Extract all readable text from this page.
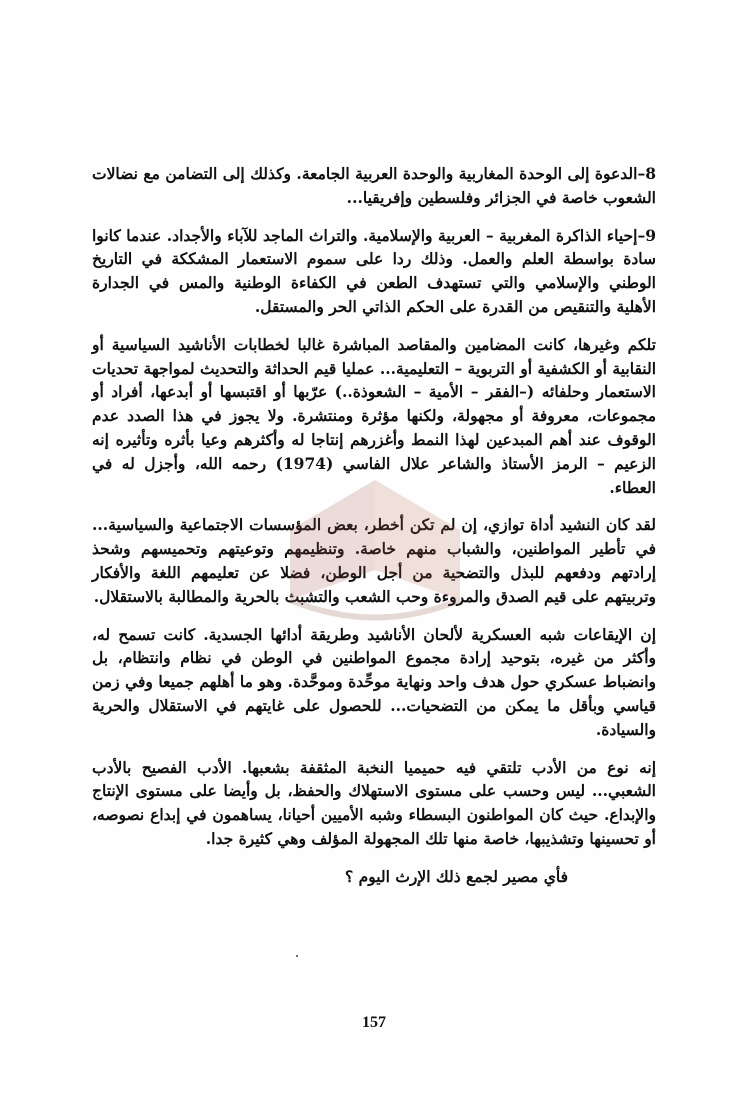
8–الدعوة إلى الوحدة المغاربية والوحدة العربية الجامعة. وكذلك إلى التضامن مع نضالات الشعوب خاصة في الجزائر وفلسطين وإفريقيا...

9–إحياء الذاكرة المغربية – العربية والإسلامية. والتراث الماجد للآباء والأجداد. عندما كانوا سادة بواسطة العلم والعمل. وذلك ردا على سموم الاستعمار المشككة في التاريخ الوطني والإسلامي والتي تستهدف الطعن في الكفاءة الوطنية والمس في الجدارة الأهلية والتنقيص من القدرة على الحكم الذاتي الحر والمستقل.

تلكم وغيرها، كانت المضامين والمقاصد المباشرة غالبا لخطابات الأناشيد السياسية أو النقابية أو الكشفية أو التربوية – التعليمية... عمليا قيم الحداثة والتحديث لمواجهة تحديات الاستعمار وحلفائه (–الفقر – الأمية – الشعوذة..) عرّبها أو اقتبسها أو أبدعها، أفراد أو مجموعات، معروفة أو مجهولة، ولكنها مؤثرة ومنتشرة. ولا يجوز في هذا الصدد عدم الوقوف عند أهم المبدعين لهذا النمط وأغزرهم إنتاجا له وأكثرهم وعيا بأثره وتأثيره إنه الزعيم – الرمز الأستاذ والشاعر علال الفاسي (1974) رحمه الله، وأجزل له في العطاء.

لقد كان النشيد أداة توازي، إن لم تكن أخطر، بعض المؤسسات الاجتماعية والسياسية... في تأطير المواطنين، والشباب منهم خاصة. وتنظيمهم وتوعيتهم وتحميسهم وشحذ إرادتهم ودفعهم للبذل والتضحية من أجل الوطن، فضلا عن تعليمهم اللغة والأفكار وتربيتهم على قيم الصدق والمروءة وحب الشعب والتشبث بالحرية والمطالبة بالاستقلال.

إن الإيقاعات شبه العسكرية لألحان الأناشيد وطريقة أدائها الجسدية. كانت تسمح له، وأكثر من غيره، بتوحيد إرادة مجموع المواطنين في الوطن في نظام وانتظام، بل وانضباط عسكري حول هدف واحد ونهاية موحِّدة وموحَّدة. وهو ما أهلهم جميعا وفي زمن قياسي وبأقل ما يمكن من التضحيات... للحصول على غايتهم في الاستقلال والحرية والسيادة.

إنه نوع من الأدب تلتقي فيه حميميا النخبة المثقفة بشعبها. الأدب الفصيح بالأدب الشعبي... ليس وحسب على مستوى الاستهلاك والحفظ، بل وأيضا على مستوى الإنتاج والإبداع. حيث كان المواطنون البسطاء وشبه الأميين أحيانا، يساهمون في إبداع نصوصه، أو تحسينها وتشذيبها، خاصة منها تلك المجهولة المؤلف وهي كثيرة جدا.

فأي مصير لجمع ذلك الإرث اليوم ؟
157
